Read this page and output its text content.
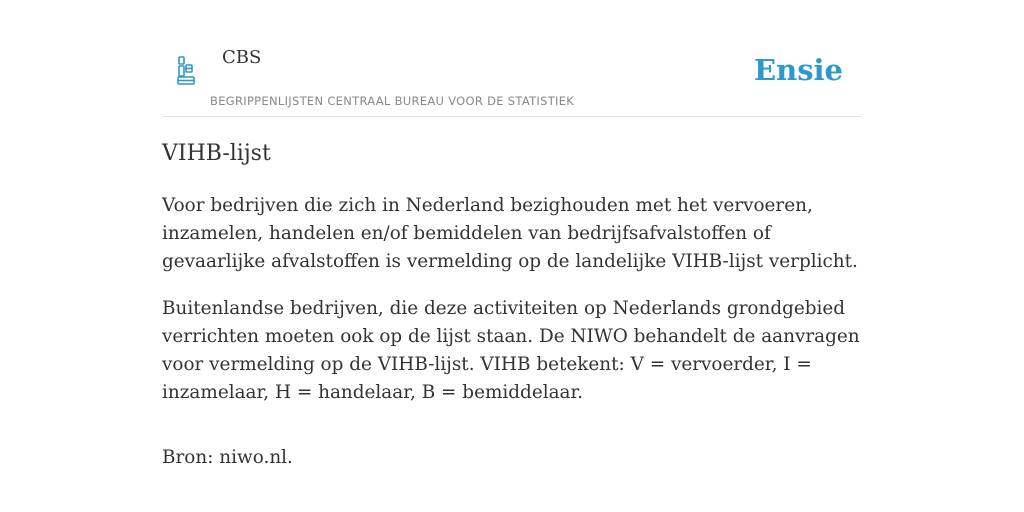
CBS
BEGRIPPENLIJSTEN CENTRAAL BUREAU VOOR DE STATISTIEK
Ensie
VIHB-lijst

Voor bedrijven die zich in Nederland bezighouden met het vervoeren, inzamelen, handelen en/of bemiddelen van bedrijfsafvalstoffen of gevaarlijke afvalstoffen is vermelding op de landelijke VIHB-lijst verplicht.

Buitenlandse bedrijven, die deze activiteiten op Nederlands grondgebied verrichten moeten ook op de lijst staan. De NIWO behandelt de aanvragen voor vermelding op de VIHB-lijst. VIHB betekent: V = vervoerder, I = inzamelaar, H = handelaar, B = bemiddelaar.

Bron: niwo.nl.
